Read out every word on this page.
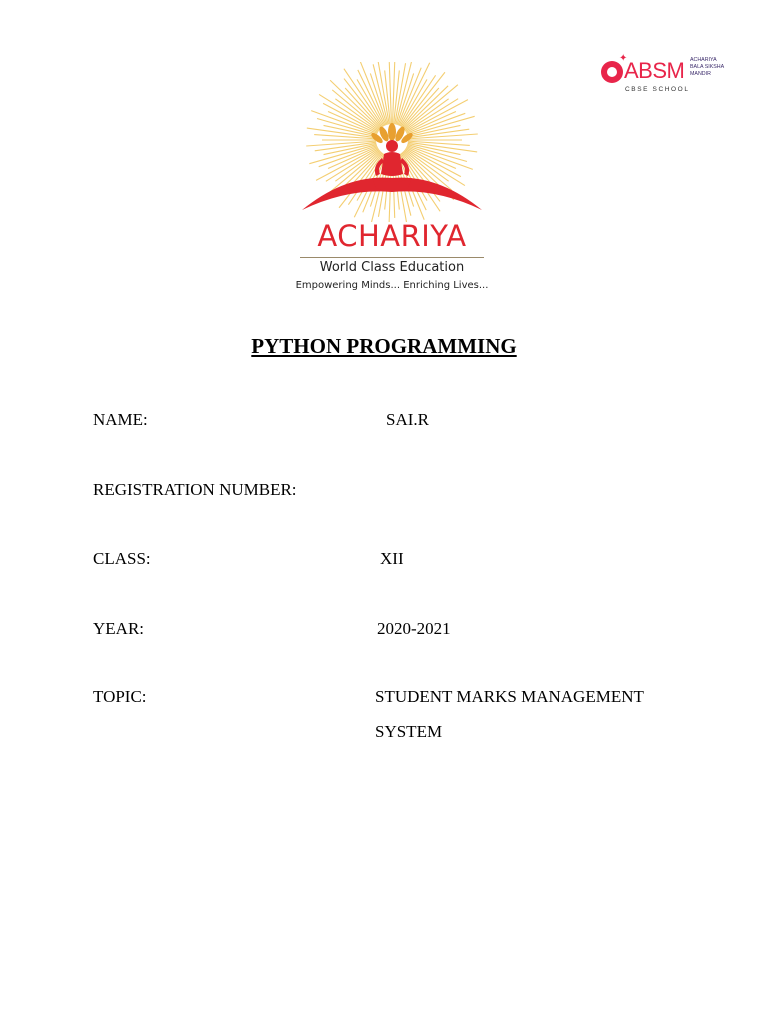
✦
ABSM ACHARIYA
BALA SIKSHA
MANDIR
CBSE SCHOOL
ACHARIYA
World Class Education
Empowering Minds... Enriching Lives...
PYTHON PROGRAMMING
NAME:	SAI.R
REGISTRATION NUMBER:
CLASS:	XII
YEAR:	2020-2021
TOPIC:	STUDENT MARKS MANAGEMENT SYSTEM
